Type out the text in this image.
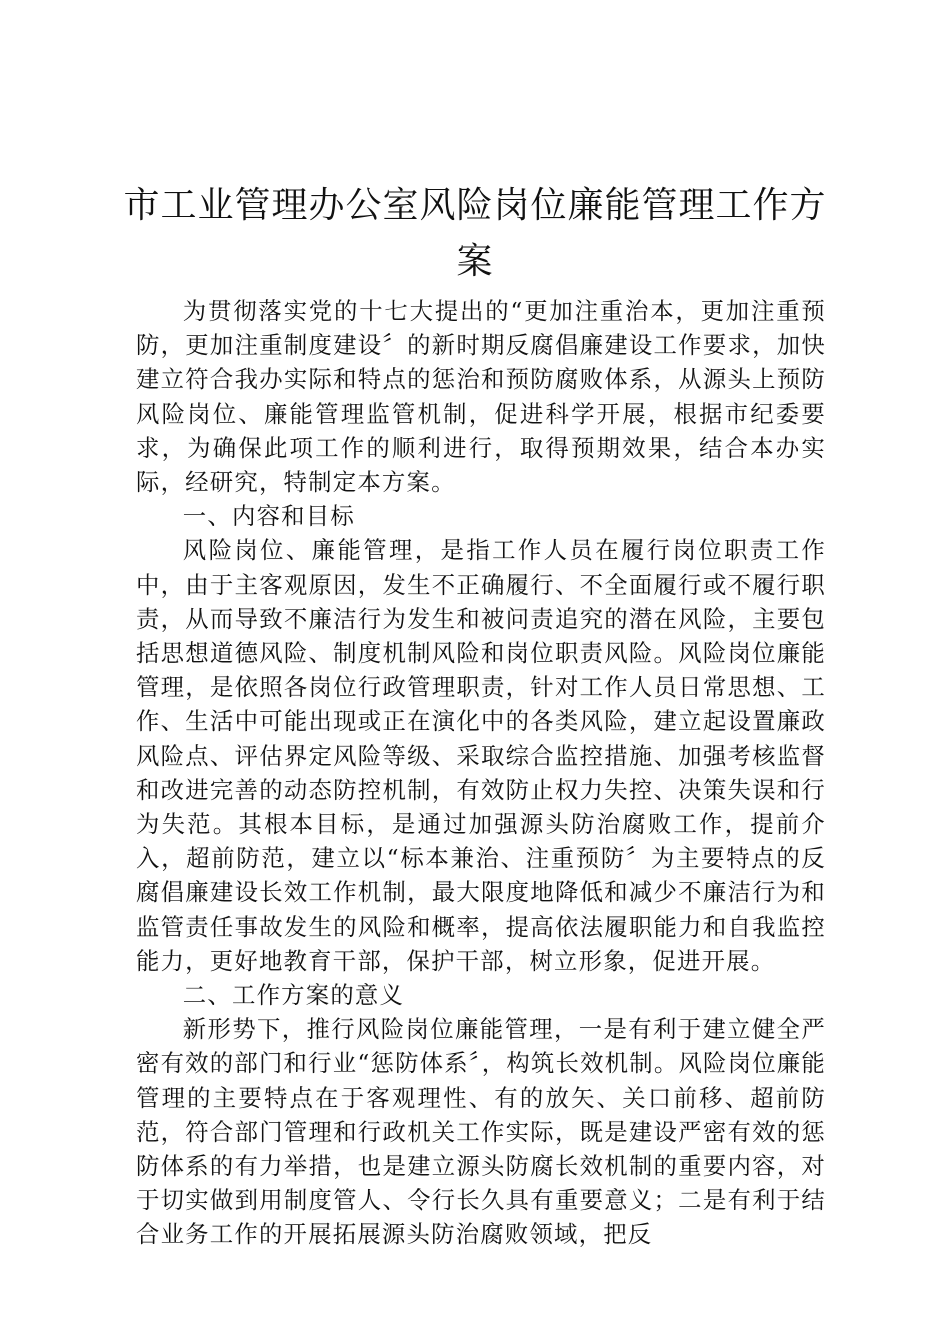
市工业管理办公室风险岗位廉能管理工作方案

为贯彻落实党的十七大提出的“更加注重治本，更加注重预防，更加注重制度建设〞的新时期反腐倡廉建设工作要求，加快建立符合我办实际和特点的惩治和预防腐败体系，从源头上预防风险岗位、廉能管理监管机制，促进科学开展，根据市纪委要求，为确保此项工作的顺利进行，取得预期效果，结合本办实际，经研究，特制定本方案。

一、内容和目标

风险岗位、廉能管理，是指工作人员在履行岗位职责工作中，由于主客观原因，发生不正确履行、不全面履行或不履行职责，从而导致不廉洁行为发生和被问责追究的潜在风险，主要包括思想道德风险、制度机制风险和岗位职责风险。风险岗位廉能管理，是依照各岗位行政管理职责，针对工作人员日常思想、工作、生活中可能出现或正在演化中的各类风险，建立起设置廉政风险点、评估界定风险等级、采取综合监控措施、加强考核监督和改进完善的动态防控机制，有效防止权力失控、决策失误和行为失范。其根本目标，是通过加强源头防治腐败工作，提前介入，超前防范，建立以“标本兼治、注重预防〞为主要特点的反腐倡廉建设长效工作机制，最大限度地降低和减少不廉洁行为和监管责任事故发生的风险和概率，提高依法履职能力和自我监控能力，更好地教育干部，保护干部，树立形象，促进开展。

二、工作方案的意义

新形势下，推行风险岗位廉能管理，一是有利于建立健全严密有效的部门和行业“惩防体系〞，构筑长效机制。风险岗位廉能管理的主要特点在于客观理性、有的放矢、关口前移、超前防范，符合部门管理和行政机关工作实际，既是建设严密有效的惩防体系的有力举措，也是建立源头防腐长效机制的重要内容，对于切实做到用制度管人、令行长久具有重要意义；二是有利于结合业务工作的开展拓展源头防治腐败领域，把反
